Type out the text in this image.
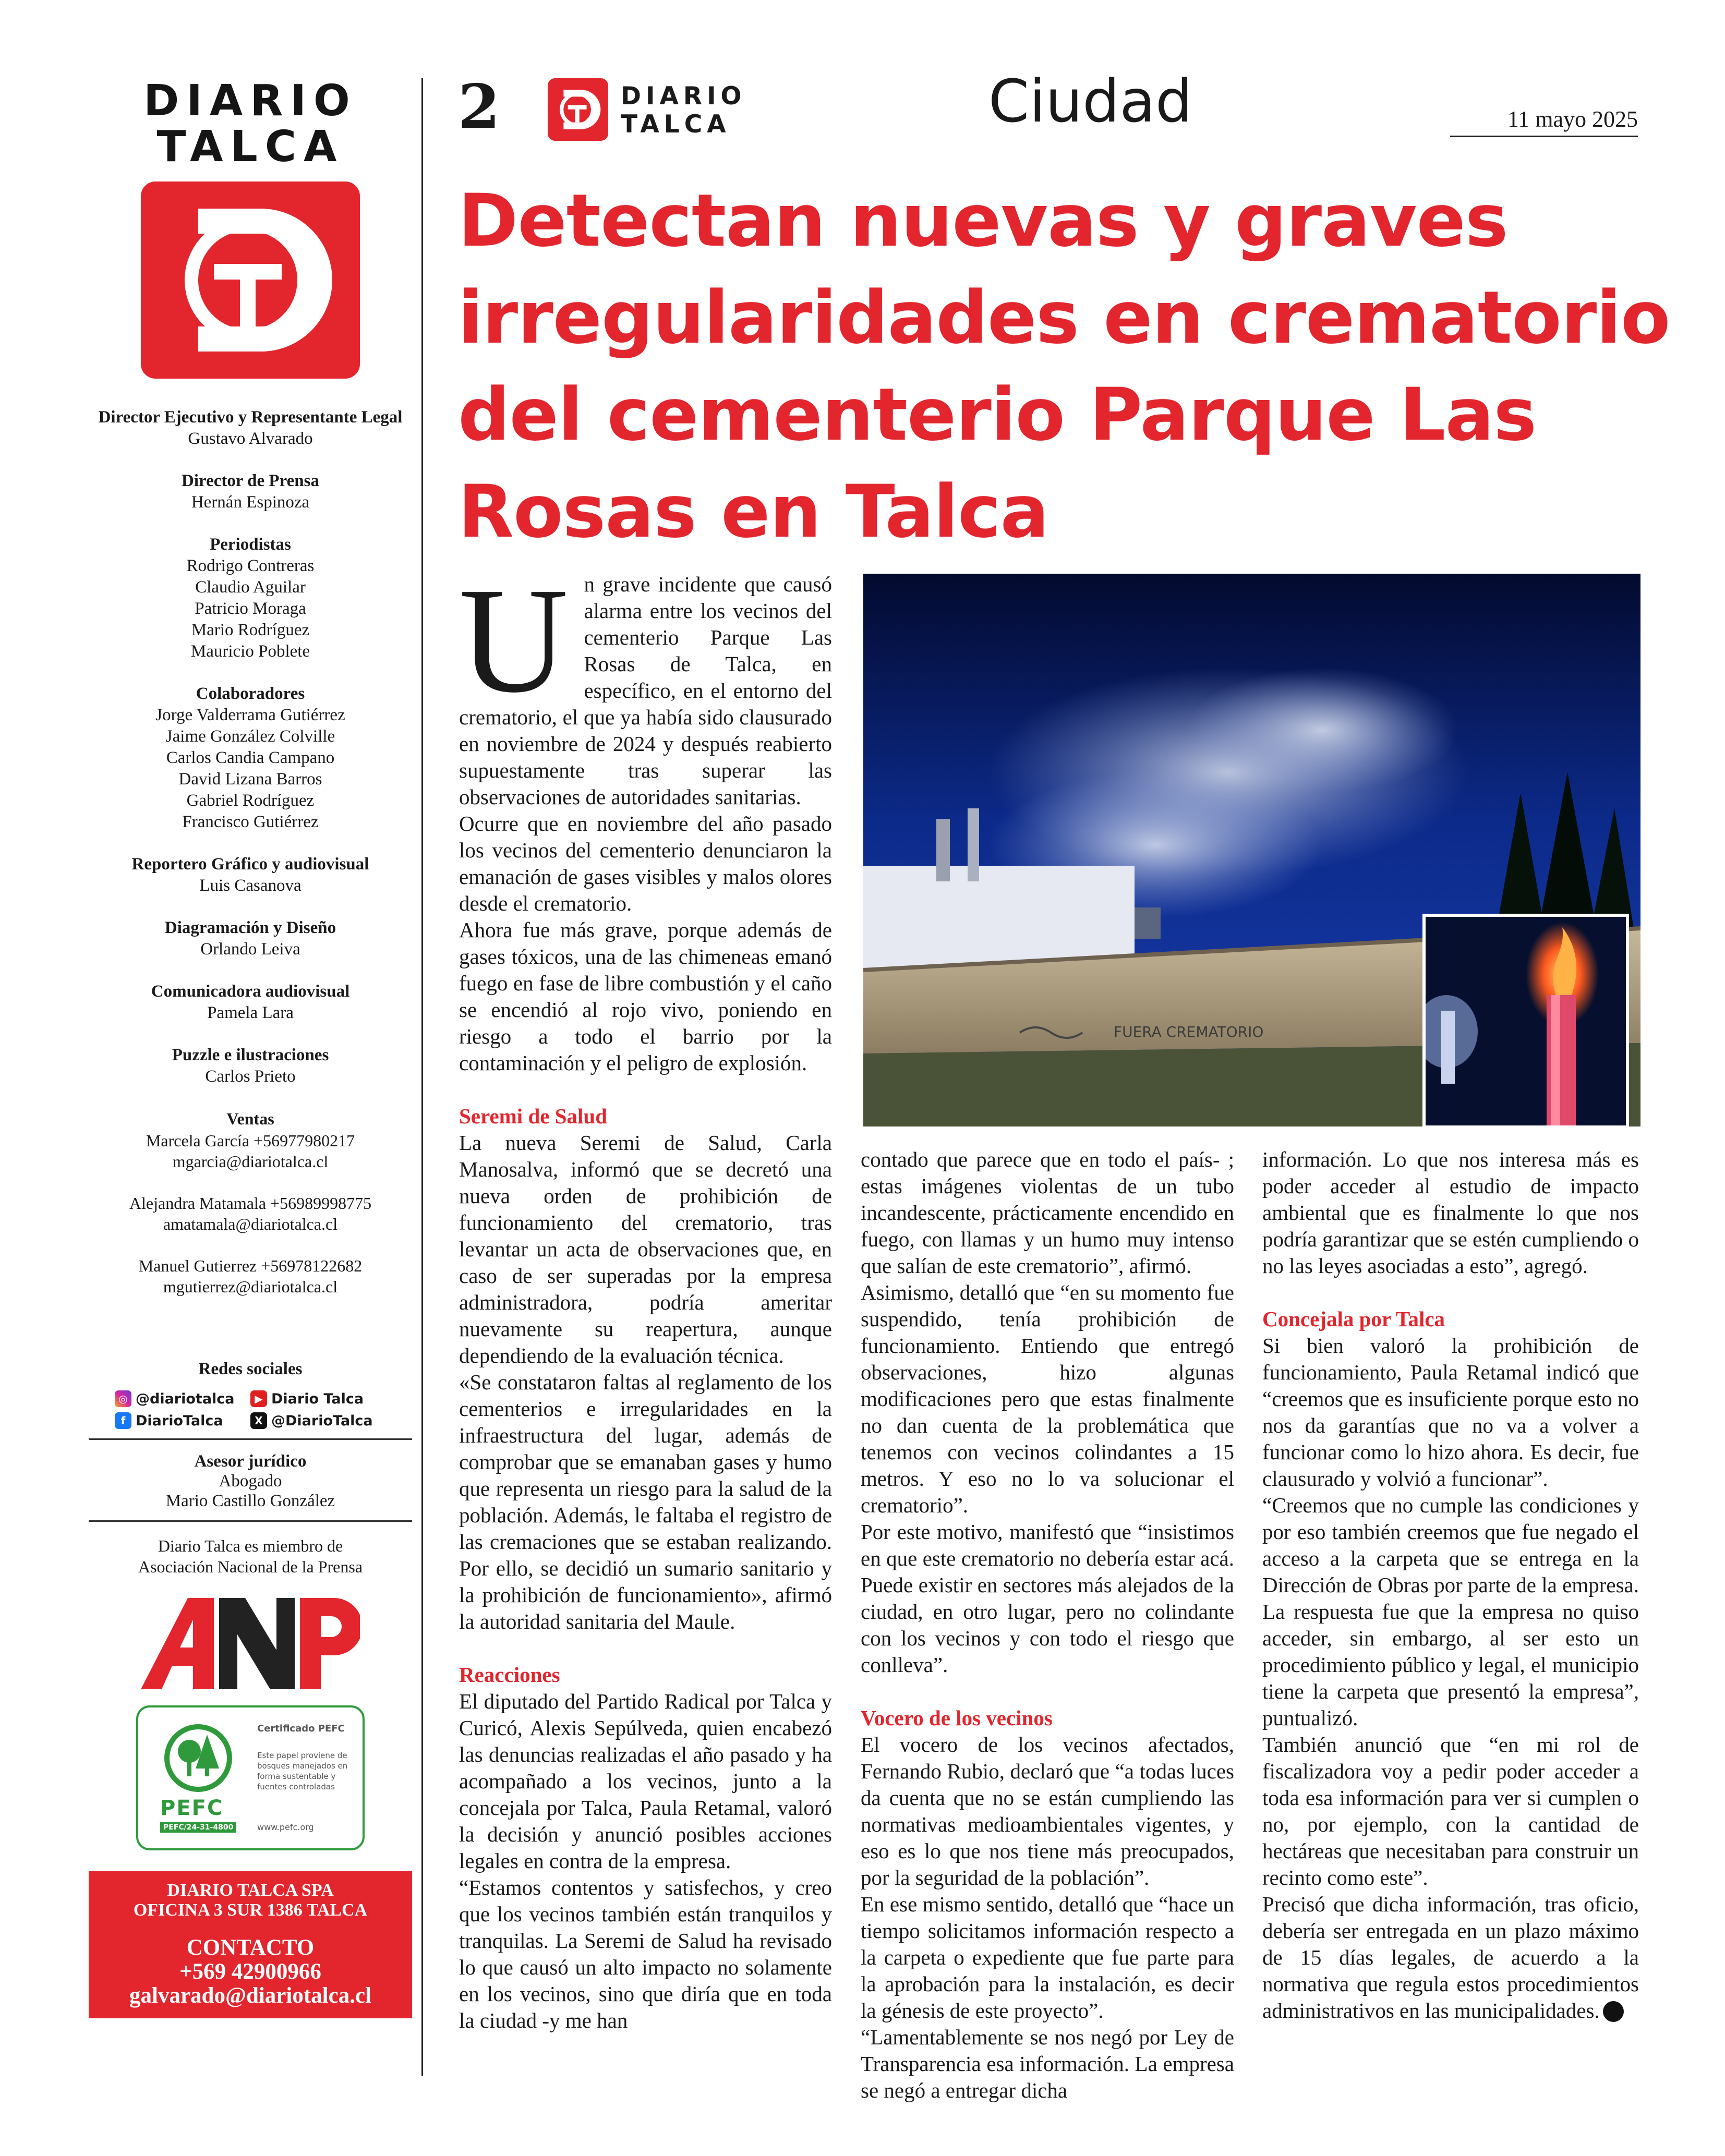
DIARIO
TALCA
Director Ejecutivo y Representante Legal
Gustavo Alvarado
Director de Prensa
Hernán Espinoza
Periodistas
Rodrigo Contreras
Claudio Aguilar
Patricio Moraga
Mario Rodríguez
Mauricio Poblete
Colaboradores
Jorge Valderrama Gutiérrez
Jaime González Colville
Carlos Candia Campano
David Lizana Barros
Gabriel Rodríguez
Francisco Gutiérrez
Reportero Gráfico y audiovisual
Luis Casanova
Diagramación y Diseño
Orlando Leiva
Comunicadora audiovisual
Pamela Lara
Puzzle e ilustraciones
Carlos Prieto
Ventas
Marcela García +56977980217
mgarcia@diariotalca.cl
Alejandra Matamala +56989998775
amatamala@diariotalca.cl
Manuel Gutierrez +56978122682
mgutierrez@diariotalca.cl
Redes sociales
◎ @diariotalca	▶ Diario Talca
f DiarioTalca	X @DiarioTalca
Asesor jurídico
Abogado
Mario Castillo González
Diario Talca es miembro de
Asociación Nacional de la Prensa
PEFC
PEFC/24-31-4800
Certificado PEFC
Este papel proviene de bosques manejados en forma sustentable y fuentes controladas
www.pefc.org
DIARIO TALCA SPA
OFICINA 3 SUR 1386 TALCA
CONTACTO
+569 42900966
galvarado@diariotalca.cl
2	DIARIO
TALCA	Ciudad	11 mayo 2025
Detectan nuevas y graves irregularidades en crematorio del cementerio Parque Las Rosas en Talca
FUERA CREMATORIO

Un grave incidente que causó alarma entre los vecinos del cementerio Parque Las Rosas de Talca, en específico, en el entorno del crematorio, el que ya había sido clausurado en noviembre de 2024 y después reabierto supuestamente tras superar las observaciones de autoridades sanitarias.

Ocurre que en noviembre del año pasado los vecinos del cementerio denunciaron la emanación de gases visibles y malos olores desde el crematorio.

Ahora fue más grave, porque además de gases tóxicos, una de las chimeneas emanó fuego en fase de libre combustión y el caño se encendió al rojo vivo, poniendo en riesgo a todo el barrio por la contaminación y el peligro de explosión.

Seremi de Salud

La nueva Seremi de Salud, Carla Manosalva, informó que se decretó una nueva orden de prohibición de funcionamiento del crematorio, tras levantar un acta de observaciones que, en caso de ser superadas por la empresa administradora, podría ameritar nuevamente su reapertura, aunque dependiendo de la evaluación técnica.

«Se constataron faltas al reglamento de los cementerios e irregularidades en la infraestructura del lugar, además de comprobar que se emanaban gases y humo que representa un riesgo para la salud de la población. Además, le faltaba el registro de las cremaciones que se estaban realizando. Por ello, se decidió un sumario sanitario y la prohibición de funcionamiento», afirmó la autoridad sanitaria del Maule.

Reacciones

El diputado del Partido Radical por Talca y Curicó, Alexis Sepúlveda, quien encabezó las denuncias realizadas el año pasado y ha acompañado a los vecinos, junto a la concejala por Talca, Paula Retamal, valoró la decisión y anunció posibles acciones legales en contra de la empresa.

“Estamos contentos y satisfechos, y creo que los vecinos también están tranquilos y tranquilas. La Seremi de Salud ha revisado lo que causó un alto impacto no solamente en los vecinos, sino que diría que en toda la ciudad -y me han

contado que parece que en todo el país- ; estas imágenes violentas de un tubo incandescente, prácticamente encendido en fuego, con llamas y un humo muy intenso que salían de este crematorio”, afirmó.

Asimismo, detalló que “en su momento fue suspendido, tenía prohibición de funcionamiento. Entiendo que entregó observaciones, hizo algunas modificaciones pero que estas finalmente no dan cuenta de la problemática que tenemos con vecinos colindantes a 15 metros. Y eso no lo va solucionar el crematorio”.

Por este motivo, manifestó que “insistimos en que este crematorio no debería estar acá. Puede existir en sectores más alejados de la ciudad, en otro lugar, pero no colindante con los vecinos y con todo el riesgo que conlleva”.

Vocero de los vecinos

El vocero de los vecinos afectados, Fernando Rubio, declaró que “a todas luces da cuenta que no se están cumpliendo las normativas medioambientales vigentes, y eso es lo que nos tiene más preocupados, por la seguridad de la población”.

En ese mismo sentido, detalló que “hace un tiempo solicitamos información respecto a la carpeta o expediente que fue parte para la aprobación para la instalación, es decir la génesis de este proyecto”.

“Lamentablemente se nos negó por Ley de Transparencia esa información. La empresa se negó a entregar dicha

información. Lo que nos interesa más es poder acceder al estudio de impacto ambiental que es finalmente lo que nos podría garantizar que se estén cumpliendo o no las leyes asociadas a esto”, agregó.

Concejala por Talca

Si bien valoró la prohibición de funcionamiento, Paula Retamal indicó que “creemos que es insuficiente porque esto no nos da garantías que no va a volver a funcionar como lo hizo ahora. Es decir, fue clausurado y volvió a funcionar”.

“Creemos que no cumple las condiciones y por eso también creemos que fue negado el acceso a la carpeta que se entrega en la Dirección de Obras por parte de la empresa. La respuesta fue que la empresa no quiso acceder, sin embargo, al ser esto un procedimiento público y legal, el municipio tiene la carpeta que presentó la empresa”, puntualizó.

También anunció que “en mi rol de fiscalizadora voy a pedir poder acceder a toda esa información para ver si cumplen o no, por ejemplo, con la cantidad de hectáreas que necesitaban para construir un recinto como este”.

Precisó que dicha información, tras oficio, debería ser entregada en un plazo máximo de 15 días legales, de acuerdo a la normativa que regula estos procedimientos administrativos en las municipalidades.
